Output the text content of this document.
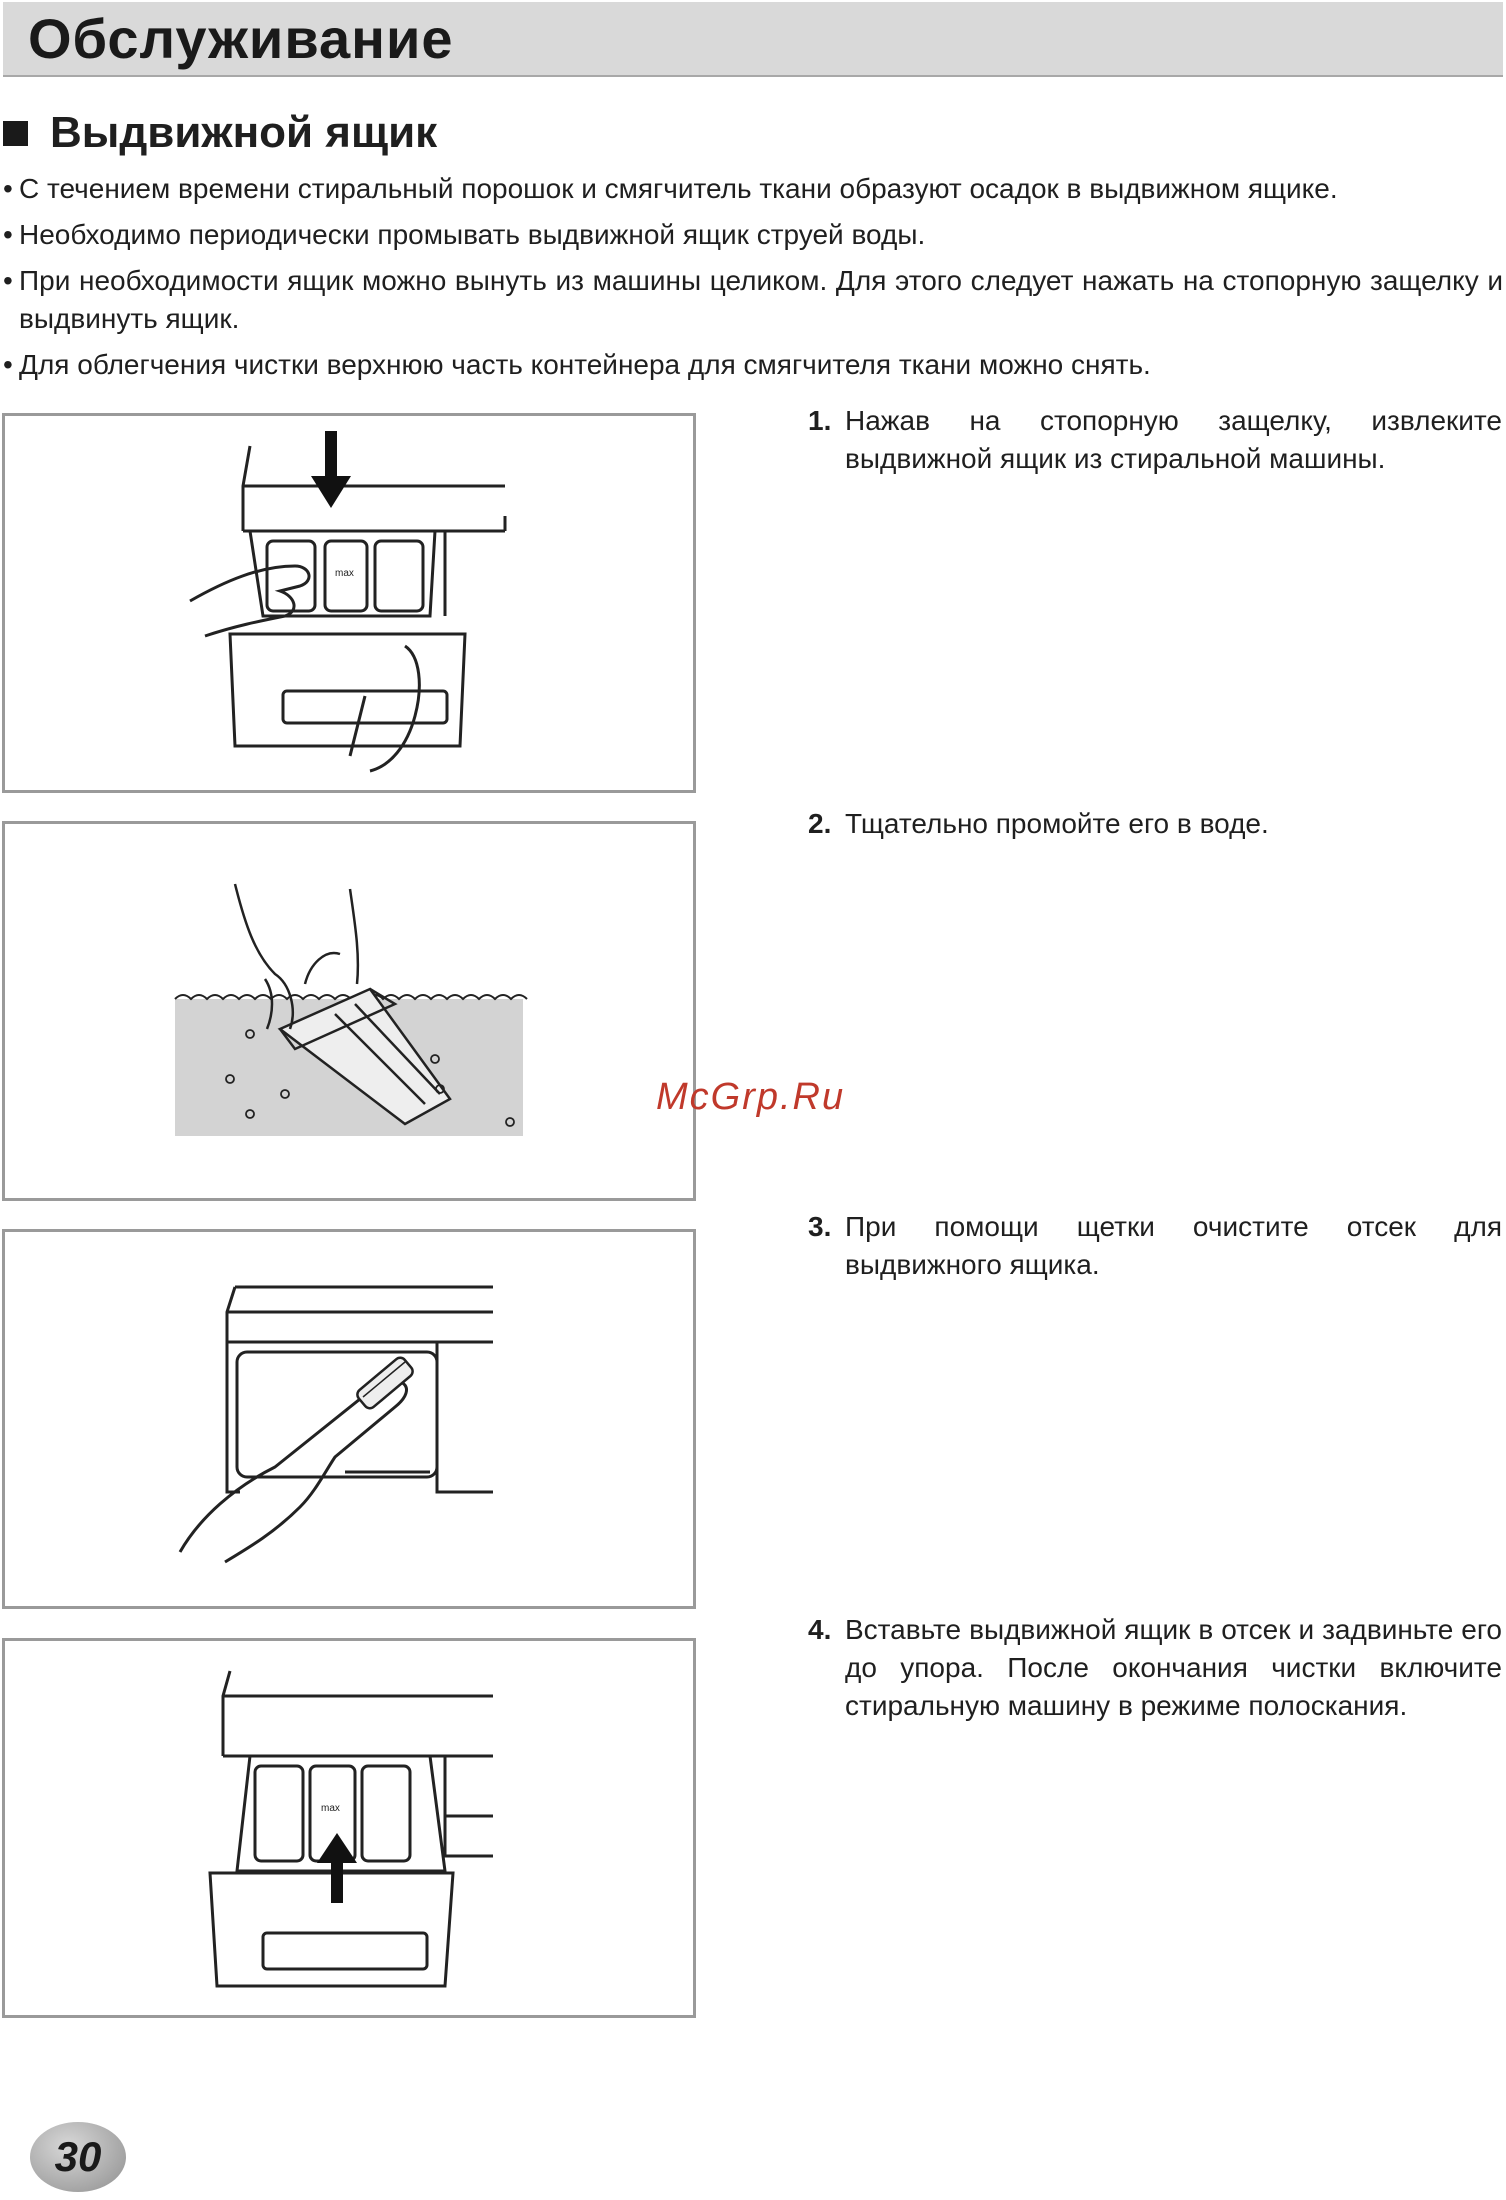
Обслуживание
Выдвижной ящик
• С течением времени стиральный порошок и смягчитель ткани образуют осадок в выдвижном ящике.
• Необходимо периодически промывать выдвижной ящик струей воды.
• При необходимости ящик можно вынуть из машины целиком. Для этого следует нажать на стопорную защелку и выдвинуть ящик.
• Для облегчения чистки верхнюю часть контейнера для смягчителя ткани можно снять.
max
max
1. Нажав на стопорную защелку, извлеките выдвижной ящик из стиральной машины.
2. Тщательно промойте его в воде.
3. При помощи щетки очистите отсек для выдвижного ящика.
4. Вставьте выдвижной ящик в отсек и задвиньте его до упора. После окончания чистки включите стиральную машину в режиме полоскания.
McGrp.Ru
30
